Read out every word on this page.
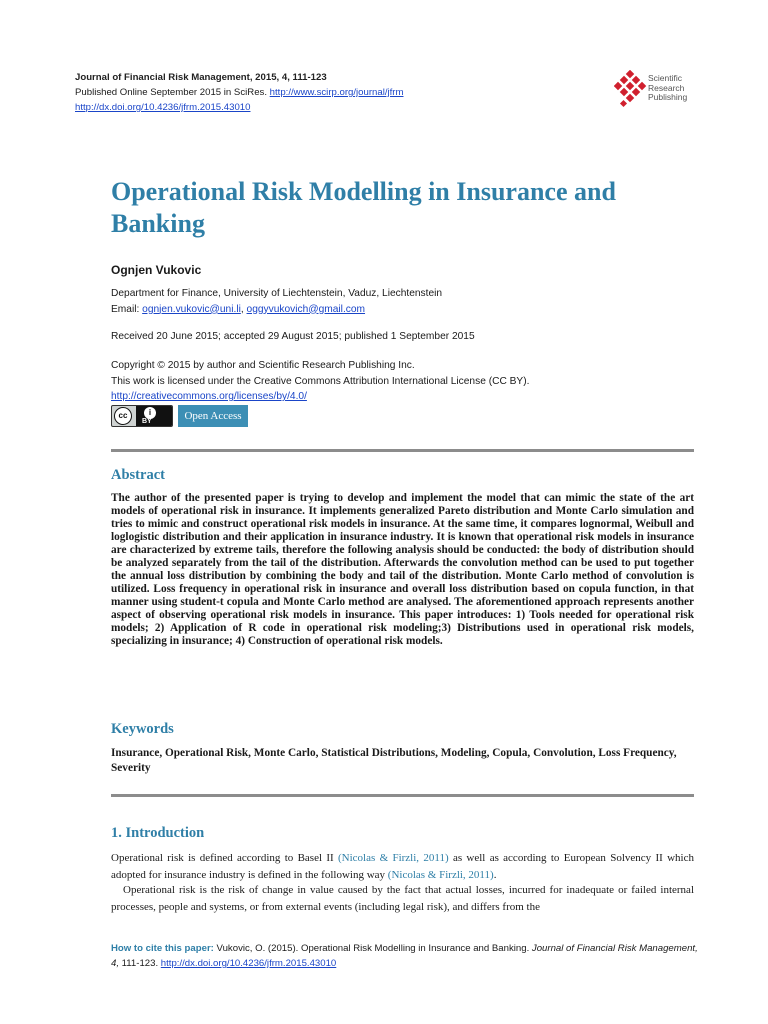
Journal of Financial Risk Management, 2015, 4, 111-123
Published Online September 2015 in SciRes. http://www.scirp.org/journal/jfrm
http://dx.doi.org/10.4236/jfrm.2015.43010
Scientific
Research
Publishing
Operational Risk Modelling in Insurance and Banking
Ognjen Vukovic
Department for Finance, University of Liechtenstein, Vaduz, Liechtenstein
Email: ognjen.vukovic@uni.li, oggyvukovich@gmail.com
Received 20 June 2015; accepted 29 August 2015; published 1 September 2015
Copyright © 2015 by author and Scientific Research Publishing Inc.
This work is licensed under the Creative Commons Attribution International License (CC BY).
http://creativecommons.org/licenses/by/4.0/
cc	i
BY	Open Access
Abstract
The author of the presented paper is trying to develop and implement the model that can mimic the state of the art models of operational risk in insurance. It implements generalized Pareto distribution and Monte Carlo simulation and tries to mimic and construct operational risk models in insurance. At the same time, it compares lognormal, Weibull and loglogistic distribution and their application in insurance industry. It is known that operational risk models in insurance are characterized by extreme tails, therefore the following analysis should be conducted: the body of distribution should be analyzed separately from the tail of the distribution. Afterwards the convolution method can be used to put together the annual loss distribution by combining the body and tail of the distribution. Monte Carlo method of convolution is utilized. Loss frequency in operational risk in insurance and overall loss distribution based on copula function, in that manner using student-t copula and Monte Carlo method are analysed. The aforementioned approach represents another aspect of observing operational risk models in insurance. This paper introduces: 1) Tools needed for operational risk models; 2) Application of R code in operational risk modeling;3) Distributions used in operational risk models, specializing in insurance; 4) Construction of operational risk models.
Keywords
Insurance, Operational Risk, Monte Carlo, Statistical Distributions, Modeling, Copula, Convolution, Loss Frequency, Severity
1. Introduction
Operational risk is defined according to Basel II (Nicolas & Firzli, 2011) as well as according to European Solvency II which adopted for insurance industry is defined in the following way (Nicolas & Firzli, 2011).
Operational risk is the risk of change in value caused by the fact that actual losses, incurred for inadequate or failed internal processes, people and systems, or from external events (including legal risk), and differs from the
How to cite this paper: Vukovic, O. (2015). Operational Risk Modelling in Insurance and Banking. Journal of Financial Risk Management, 4, 111-123. http://dx.doi.org/10.4236/jfrm.2015.43010
